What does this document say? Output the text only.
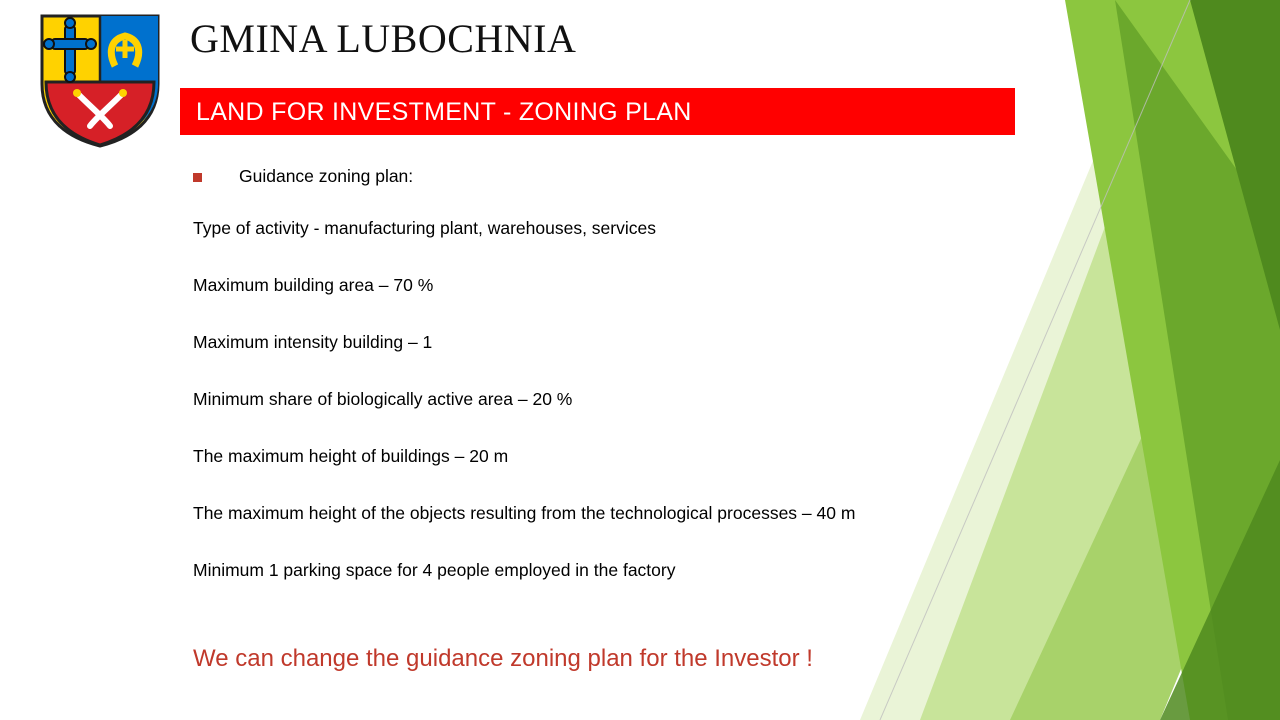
GMINA LUBOCHNIA
LAND FOR INVESTMENT - ZONING PLAN
Guidance zoning plan:
Type of activity - manufacturing plant, warehouses, services
Maximum building area – 70 %
Maximum intensity building – 1
Minimum share of biologically active area – 20 %
The maximum height of buildings – 20 m
The maximum height of the objects resulting from the technological processes – 40 m
Minimum 1 parking space for 4 people employed in the factory
We can change the guidance zoning plan for the Investor !
